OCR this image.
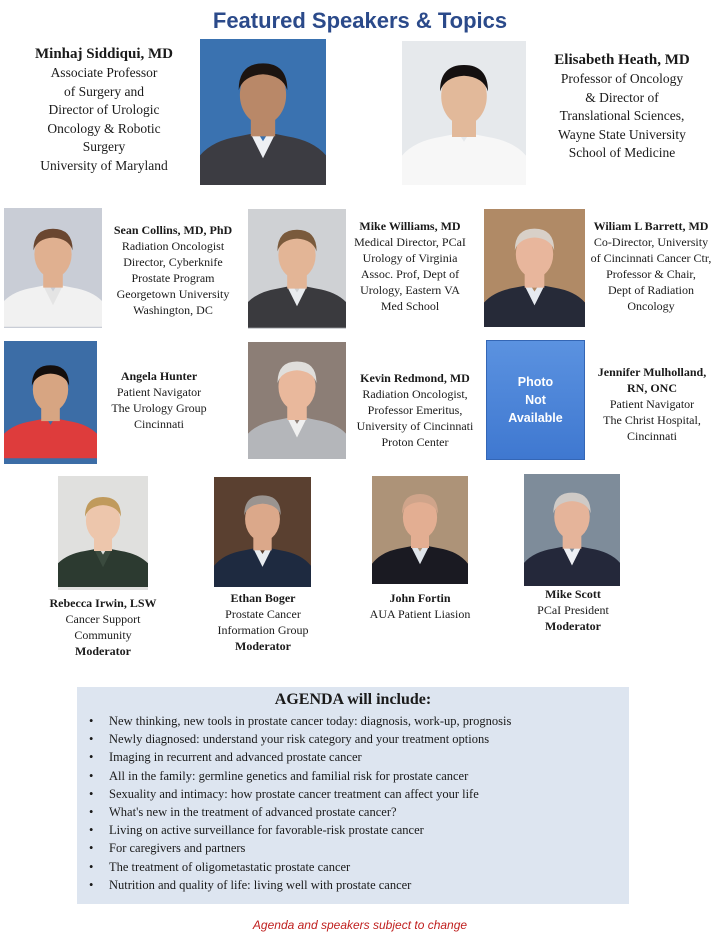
Featured Speakers & Topics
Minhaj Siddiqui, MD
Associate Professor
of Surgery and
Director of Urologic
Oncology & Robotic
Surgery
University of Maryland
Elisabeth Heath, MD
Professor of Oncology
& Director of
Translational Sciences,
Wayne State University
School of Medicine
Sean Collins, MD, PhD
Radiation Oncologist
Director, Cyberknife
Prostate Program
Georgetown University
Washington, DC
Mike Williams, MD
Medical Director, PCaI
Urology of Virginia
Assoc. Prof, Dept of
Urology, Eastern VA
Med School
Wiliam L Barrett, MD
Co-Director, University
of Cincinnati Cancer Ctr,
Professor & Chair,
Dept of Radiation
Oncology
Angela Hunter
Patient Navigator
The Urology Group
Cincinnati
Kevin Redmond, MD
Radiation Oncologist,
Professor Emeritus,
University of Cincinnati
Proton Center
Photo
Not
Available
Jennifer Mulholland,
RN, ONC
Patient Navigator
The Christ Hospital,
Cincinnati
Rebecca Irwin, LSW
Cancer Support
Community
Moderator
Ethan Boger
Prostate Cancer
Information Group
Moderator
John Fortin
AUA Patient Liasion
Mike Scott
PCaI President
Moderator
AGENDA will include:
• New thinking, new tools in prostate cancer today: diagnosis, work-up, prognosis
• Newly diagnosed: understand your risk category and your treatment options
• Imaging in recurrent and advanced prostate cancer
• All in the family: germline genetics and familial risk for prostate cancer
• Sexuality and intimacy: how prostate cancer treatment can affect your life
• What's new in the treatment of advanced prostate cancer?
• Living on active surveillance for favorable-risk prostate cancer
• For caregivers and partners
• The treatment of oligometastatic prostate cancer
• Nutrition and quality of life: living well with prostate cancer
Agenda and speakers subject to change
